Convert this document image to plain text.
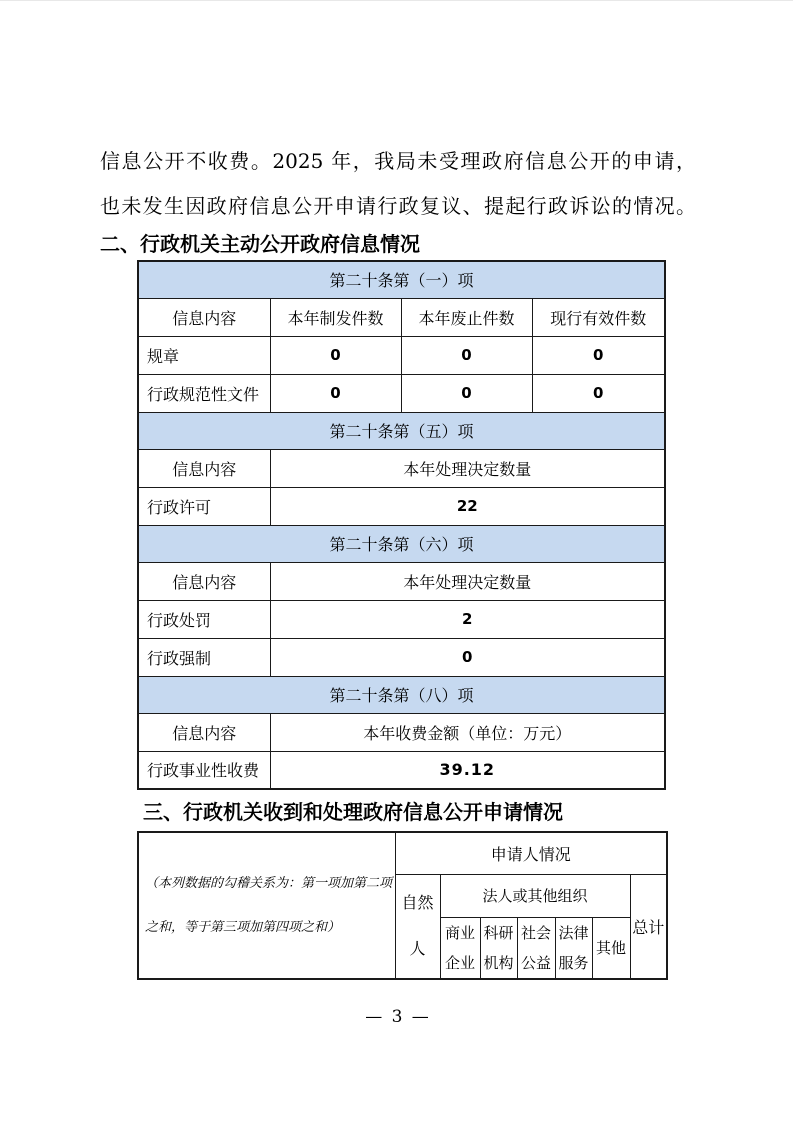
信息公开不收费。2025 年，我局未受理政府信息公开的申请，
也未发生因政府信息公开申请行政复议、提起行政诉讼的情况。
二、行政机关主动公开政府信息情况
第二十条第（一）项			
信息内容	本年制发件数	本年废止件数	现行有效件数
规章	0	0	0
行政规范性文件	0	0	0
第二十条第（五）项			
信息内容	本年处理决定数量		
行政许可	22		
第二十条第（六）项			
信息内容	本年处理决定数量		
行政处罚	2		
行政强制	0		
第二十条第（八）项			
信息内容	本年收费金额（单位：万元）		
行政事业性收费	39.12		
三、行政机关收到和处理政府信息公开申请情况
（本列数据的勾稽关系为：第一项加第二项
之和，等于第三项加第四项之和）	申请人情况						
	自然人	法人或其他组织					总计
		商业企业	科研机构	社会公益	法律服务	其他	
— 3 —
